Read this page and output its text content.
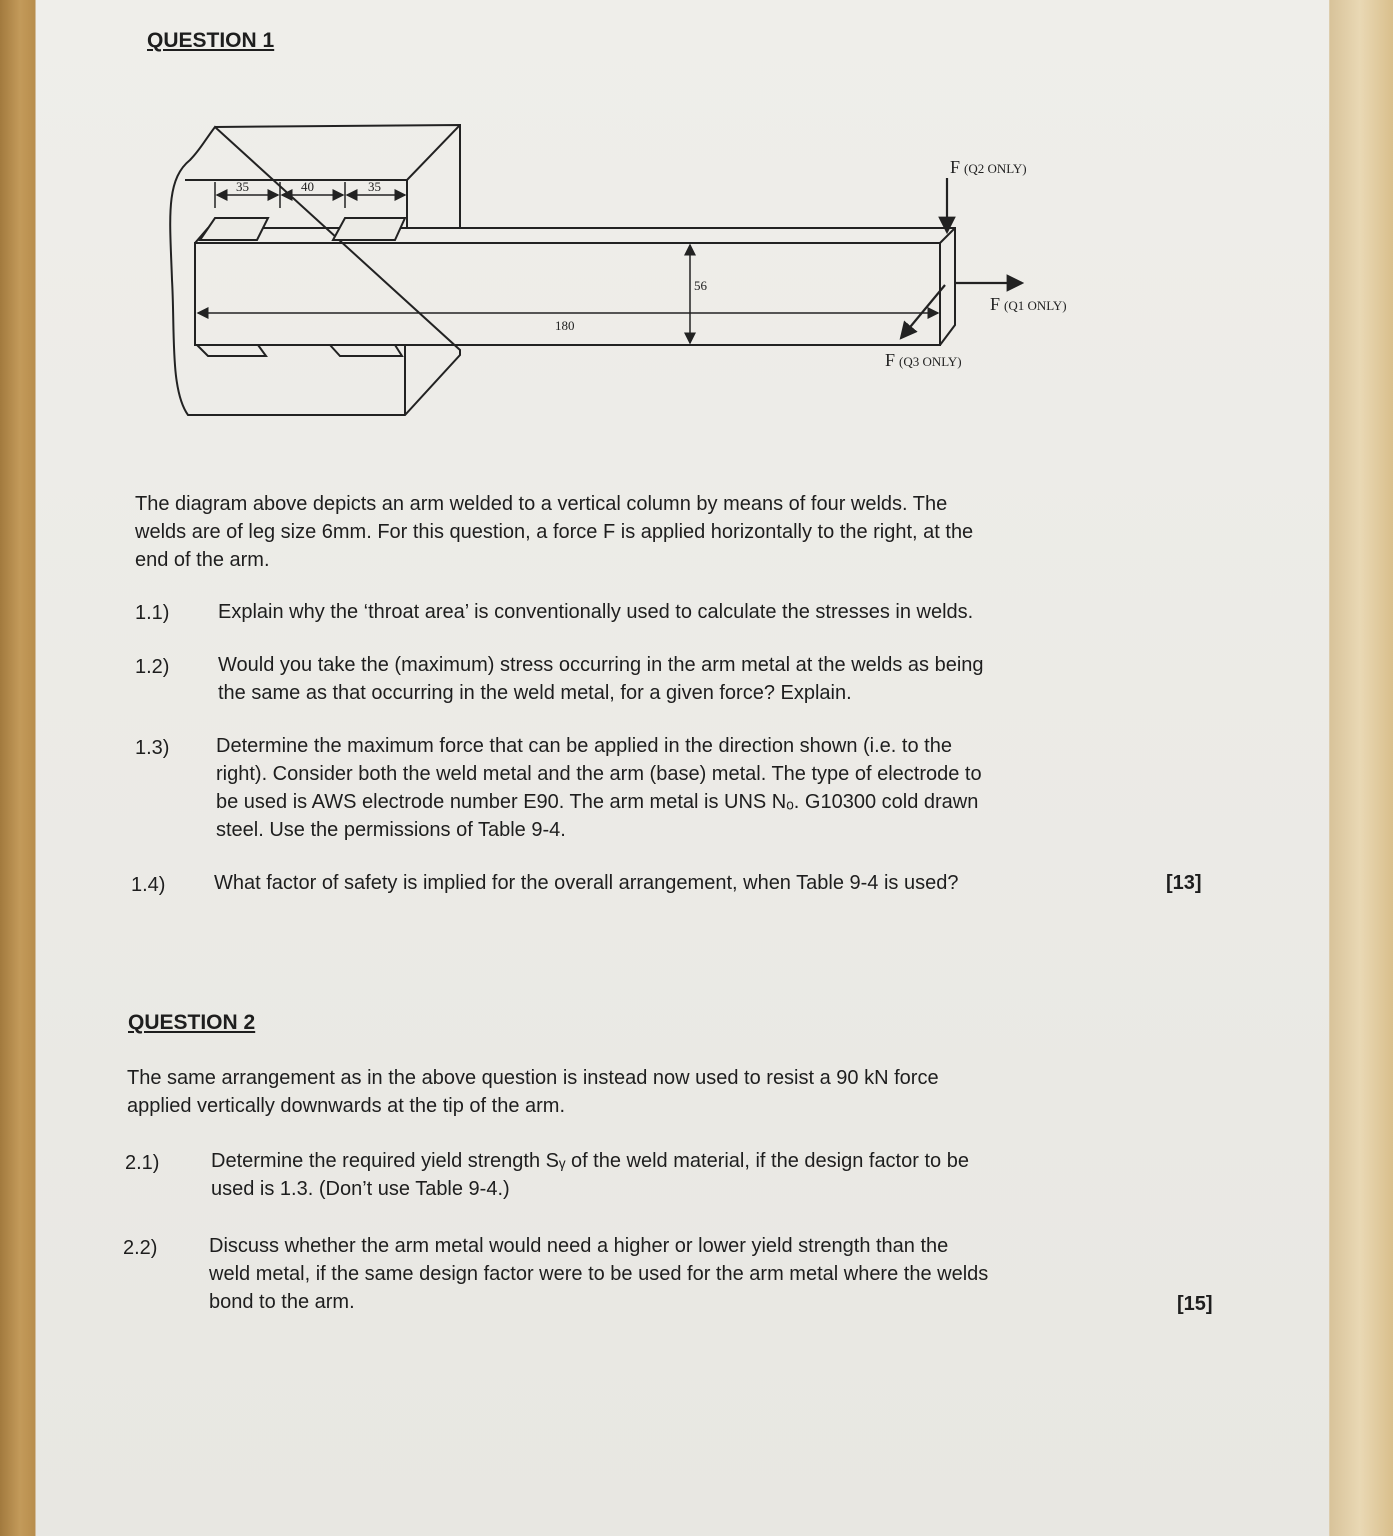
QUESTION 1
35	40	35
56
180
F (Q2 ONLY)
F (Q1 ONLY)
F (Q3 ONLY)
The diagram above depicts an arm welded to a vertical column by means of four welds. The
welds are of leg size 6mm. For this question, a force F is applied horizontally to the right, at the
end of the arm.
1.1) Explain why the ‘throat area’ is conventionally used to calculate the stresses in welds.
1.2) Would you take the (maximum) stress occurring in the arm metal at the welds as being
the same as that occurring in the weld metal, for a given force? Explain.
1.3) Determine the maximum force that can be applied in the direction shown (i.e. to the
right). Consider both the weld metal and the arm (base) metal. The type of electrode to
be used is AWS electrode number E90. The arm metal is UNS Nₒ. G10300 cold drawn
steel. Use the permissions of Table 9-4.
1.4) What factor of safety is implied for the overall arrangement, when Table 9-4 is used?	[13]
QUESTION 2
The same arrangement as in the above question is instead now used to resist a 90 kN force
applied vertically downwards at the tip of the arm.
2.1)	Determine the required yield strength Sᵧ of the weld material, if the design factor to be
used is 1.3. (Don’t use Table 9-4.)
2.2)	Discuss whether the arm metal would need a higher or lower yield strength than the
weld metal, if the same design factor were to be used for the arm metal where the welds
bond to the arm.	[15]
